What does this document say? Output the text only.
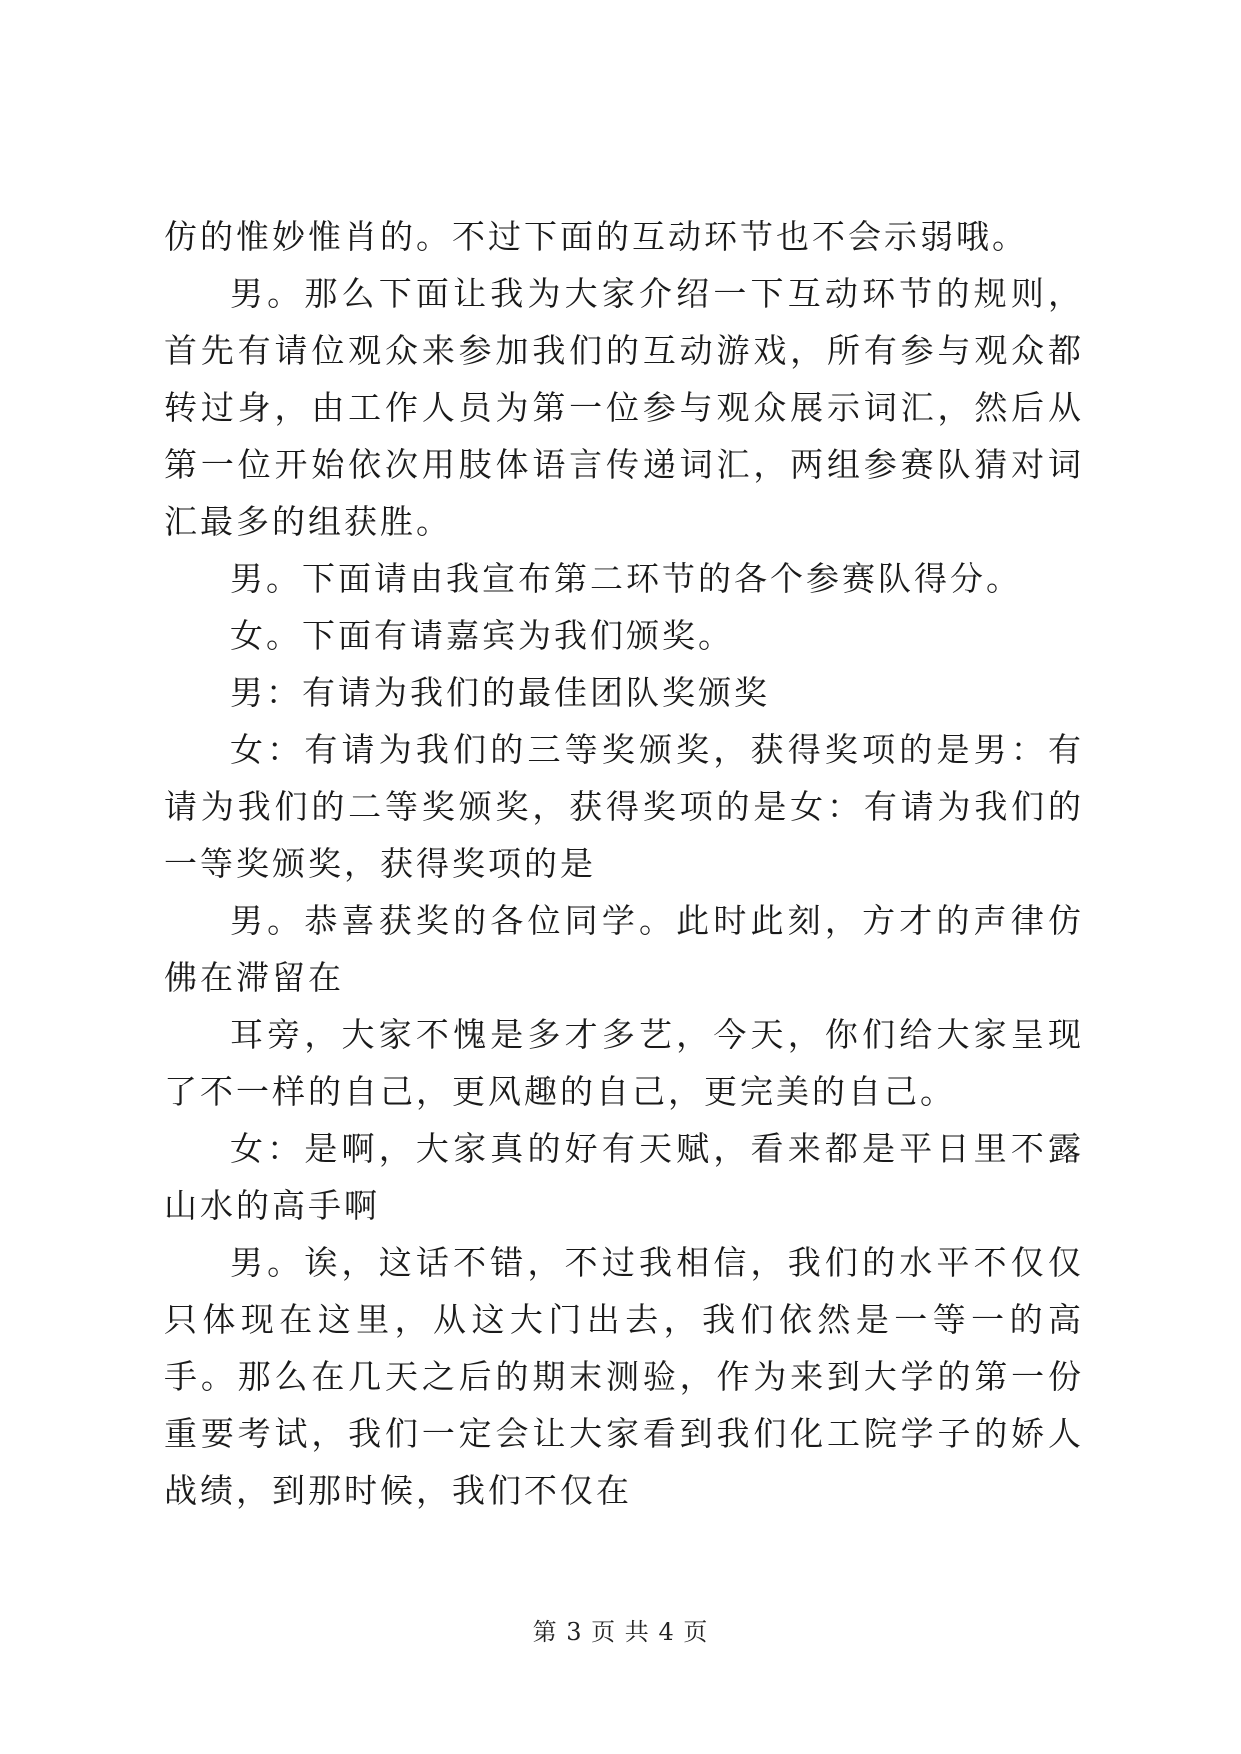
仿的惟妙惟肖的。不过下面的互动环节也不会示弱哦。

男。那么下面让我为大家介绍一下互动环节的规则，首先有请位观众来参加我们的互动游戏，所有参与观众都转过身，由工作人员为第一位参与观众展示词汇，然后从第一位开始依次用肢体语言传递词汇，两组参赛队猜对词汇最多的组获胜。

男。下面请由我宣布第二环节的各个参赛队得分。

女。下面有请嘉宾为我们颁奖。

男：有请为我们的最佳团队奖颁奖

女：有请为我们的三等奖颁奖，获得奖项的是男：有请为我们的二等奖颁奖，获得奖项的是女：有请为我们的一等奖颁奖，获得奖项的是

男。恭喜获奖的各位同学。此时此刻，方才的声律仿佛在滞留在

耳旁，大家不愧是多才多艺，今天，你们给大家呈现了不一样的自己，更风趣的自己，更完美的自己。

女：是啊，大家真的好有天赋，看来都是平日里不露山水的高手啊

男。诶，这话不错，不过我相信，我们的水平不仅仅只体现在这里，从这大门出去，我们依然是一等一的高手。那么在几天之后的期末测验，作为来到大学的第一份重要考试，我们一定会让大家看到我们化工院学子的娇人战绩，到那时候，我们不仅在

第 3 页 共 4 页
